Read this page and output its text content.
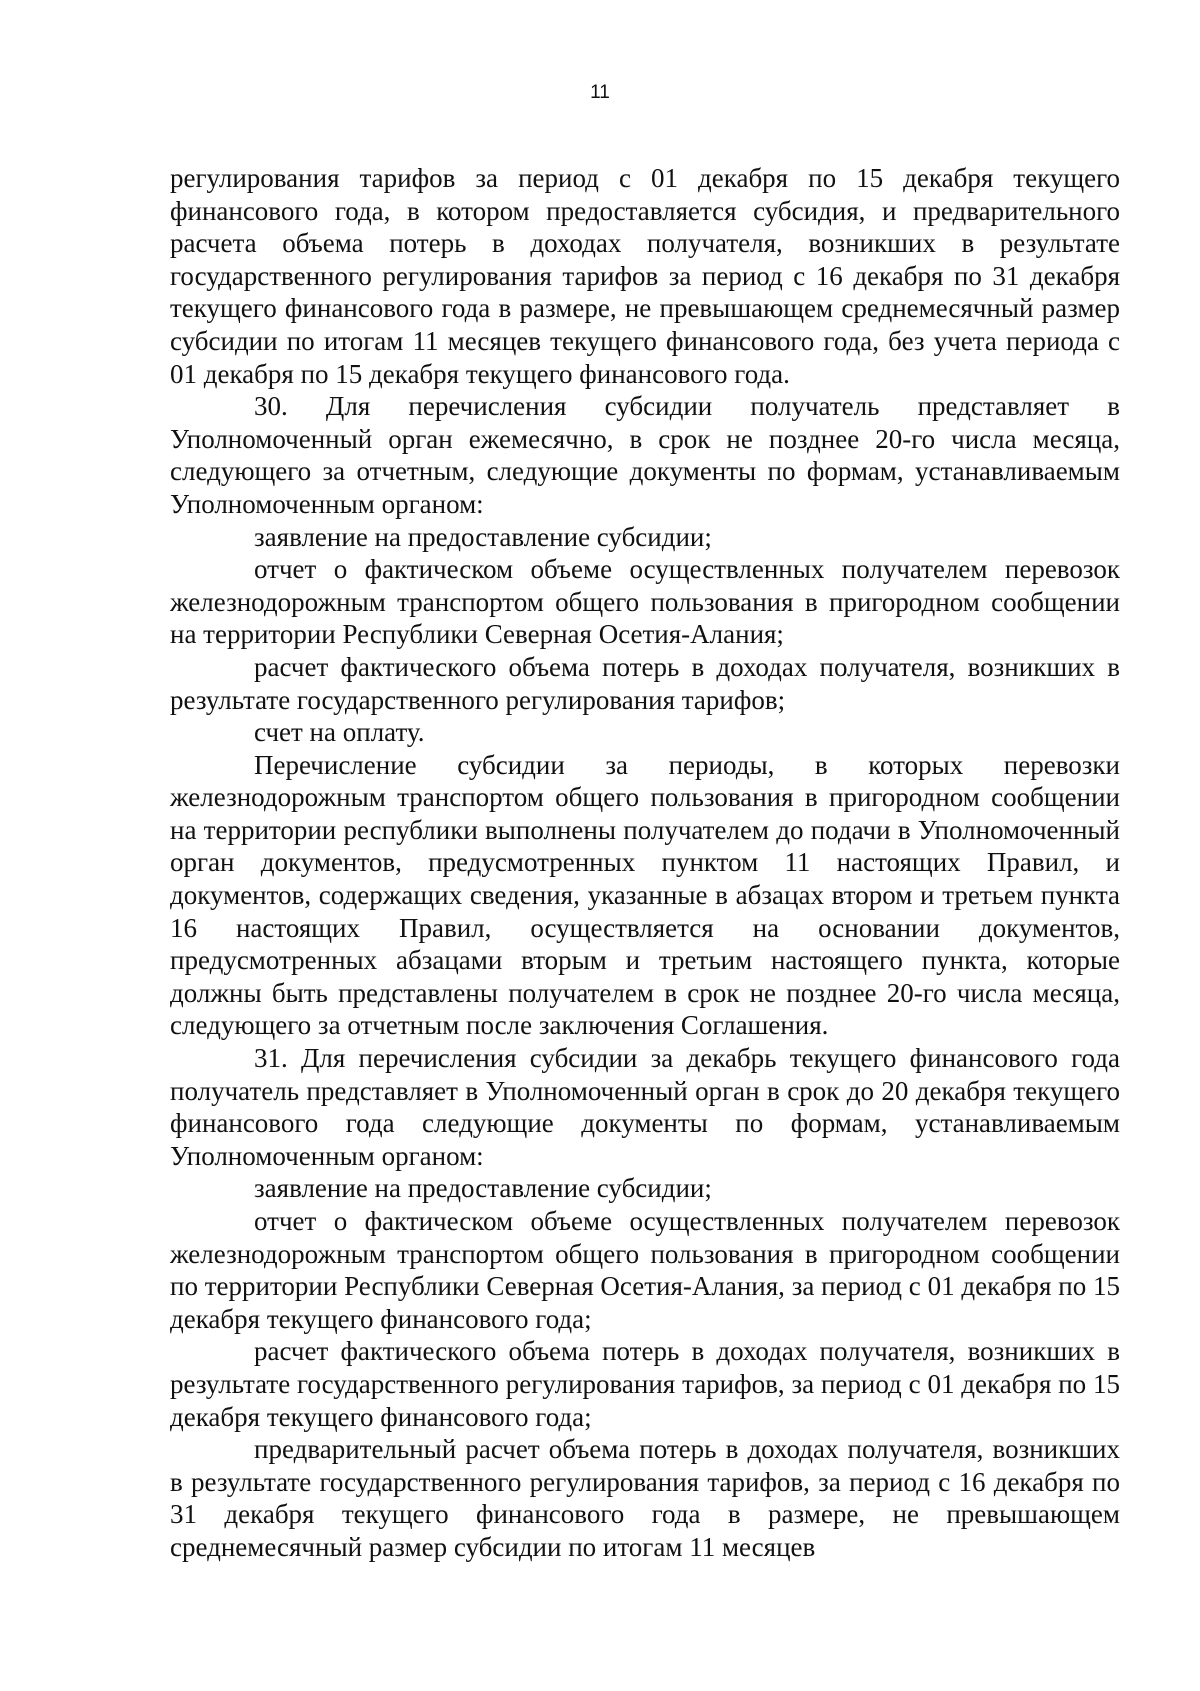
11

регулирования тарифов за период с 01 декабря по 15 декабря текущего финансового года, в котором предоставляется субсидия, и предварительного расчета объема потерь в доходах получателя, возникших в результате государственного регулирования тарифов за период с 16 декабря по 31 декабря текущего финансового года в размере, не превышающем среднемесячный размер субсидии по итогам 11 месяцев текущего финансового года, без учета периода с 01 декабря по 15 декабря текущего финансового года.

30. Для перечисления субсидии получатель представляет в Уполномоченный орган ежемесячно, в срок не позднее 20-го числа месяца, следующего за отчетным, следующие документы по формам, устанавливаемым Уполномоченным органом:

заявление на предоставление субсидии;

отчет о фактическом объеме осуществленных получателем перевозок железнодорожным транспортом общего пользования в пригородном сообщении на территории Республики Северная Осетия-Алания;

расчет фактического объема потерь в доходах получателя, возникших в результате государственного регулирования тарифов;

счет на оплату.

Перечисление субсидии за периоды, в которых перевозки железнодорожным транспортом общего пользования в пригородном сообщении на территории республики выполнены получателем до подачи в Уполномоченный орган документов, предусмотренных пунктом 11 настоящих Правил, и документов, содержащих сведения, указанные в абзацах втором и третьем пункта 16 настоящих Правил, осуществляется на основании документов, предусмотренных абзацами вторым и третьим настоящего пункта, которые должны быть представлены получателем в срок не позднее 20-го числа месяца, следующего за отчетным после заключения Соглашения.

31. Для перечисления субсидии за декабрь текущего финансового года получатель представляет в Уполномоченный орган в срок до 20 декабря текущего финансового года следующие документы по формам, устанавливаемым Уполномоченным органом:

заявление на предоставление субсидии;

отчет о фактическом объеме осуществленных получателем перевозок железнодорожным транспортом общего пользования в пригородном сообщении по территории Республики Северная Осетия-Алания, за период с 01 декабря по 15 декабря текущего финансового года;

расчет фактического объема потерь в доходах получателя, возникших в результате государственного регулирования тарифов, за период с 01 декабря по 15 декабря текущего финансового года;

предварительный расчет объема потерь в доходах получателя, возникших в результате государственного регулирования тарифов, за период с 16 декабря по 31 декабря текущего финансового года в размере, не превышающем среднемесячный размер субсидии по итогам 11 месяцев
